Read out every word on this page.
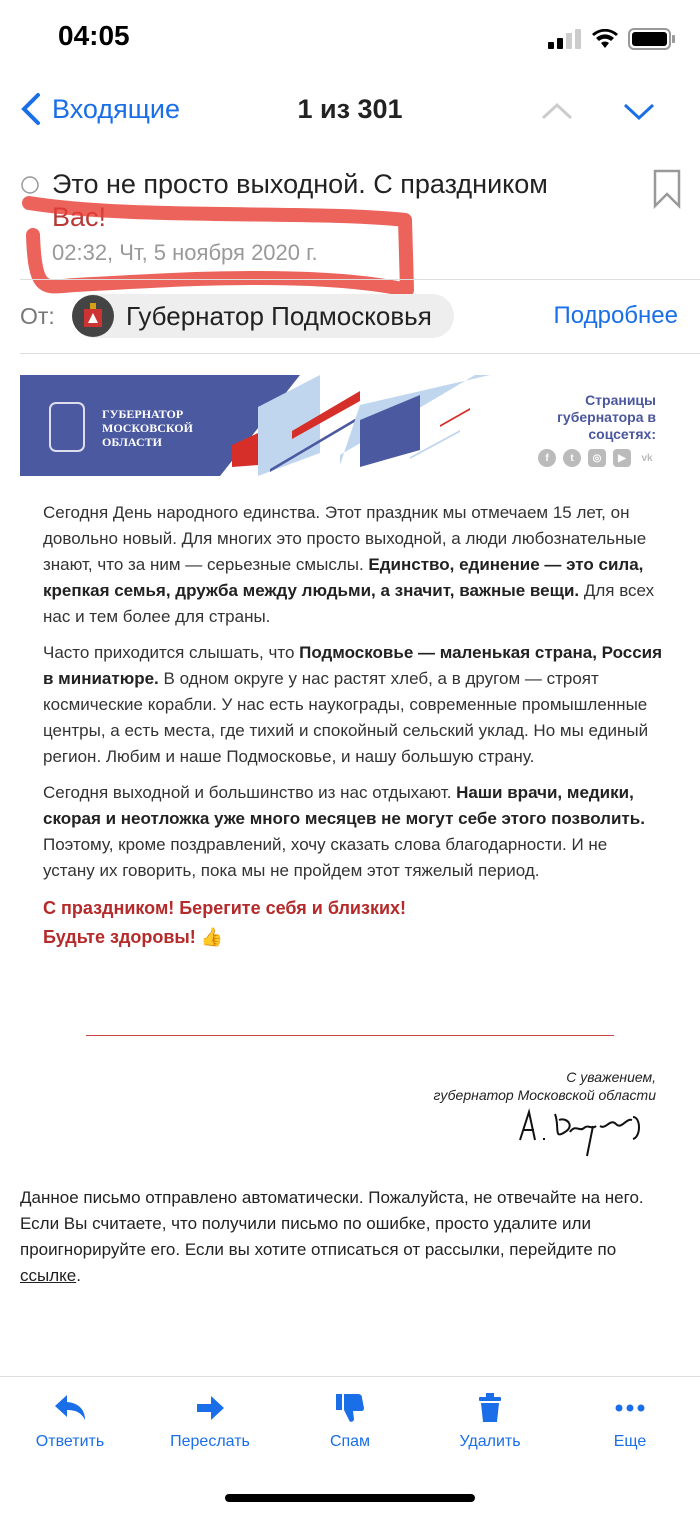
04:05
Входящие	1 из 301
Это не просто выходной. С праздником
Вас!
02:32, Чт, 5 ноября 2020 г.
От:	Губернатор Подмосковья	Подробнее
ГУБЕРНАТОР
МОСКОВСКОЙ
ОБЛАСТИ
Страницы губернатора в соцсетях:
f	t	◎	▶	vk

Сегодня День народного единства. Этот праздник мы отмечаем 15 лет, он довольно новый. Для многих это просто выходной, а люди любознательные знают, что за ним — серьезные смыслы. Единство, единение — это сила, крепкая семья, дружба между людьми, а значит, важные вещи. Для всех нас и тем более для страны.

Часто приходится слышать, что Подмосковье — маленькая страна, Россия в миниатюре. В одном округе у нас растят хлеб, а в другом — строят космические корабли. У нас есть наукограды, современные промышленные центры, а есть места, где тихий и спокойный сельский уклад. Но мы единый регион. Любим и наше Подмосковье, и нашу большую страну.

Сегодня выходной и большинство из нас отдыхают. Наши врачи, медики, скорая и неотложка уже много месяцев не могут себе этого позволить. Поэтому, кроме поздравлений, хочу сказать слова благодарности. И не устану их говорить, пока мы не пройдем этот тяжелый период.

С праздником! Берегите себя и близких!
Будьте здоровы! 👍
С уважением,
губернатор Московской области
Данное письмо отправлено автоматически. Пожалуйста, не отвечайте на него. Если Вы считаете, что получили письмо по ошибке, просто удалите или проигнорируйте его. Если вы хотите отписаться от рассылки, перейдите по ссылке.
Ответить	Переслать	Спам	Удалить	Еще
